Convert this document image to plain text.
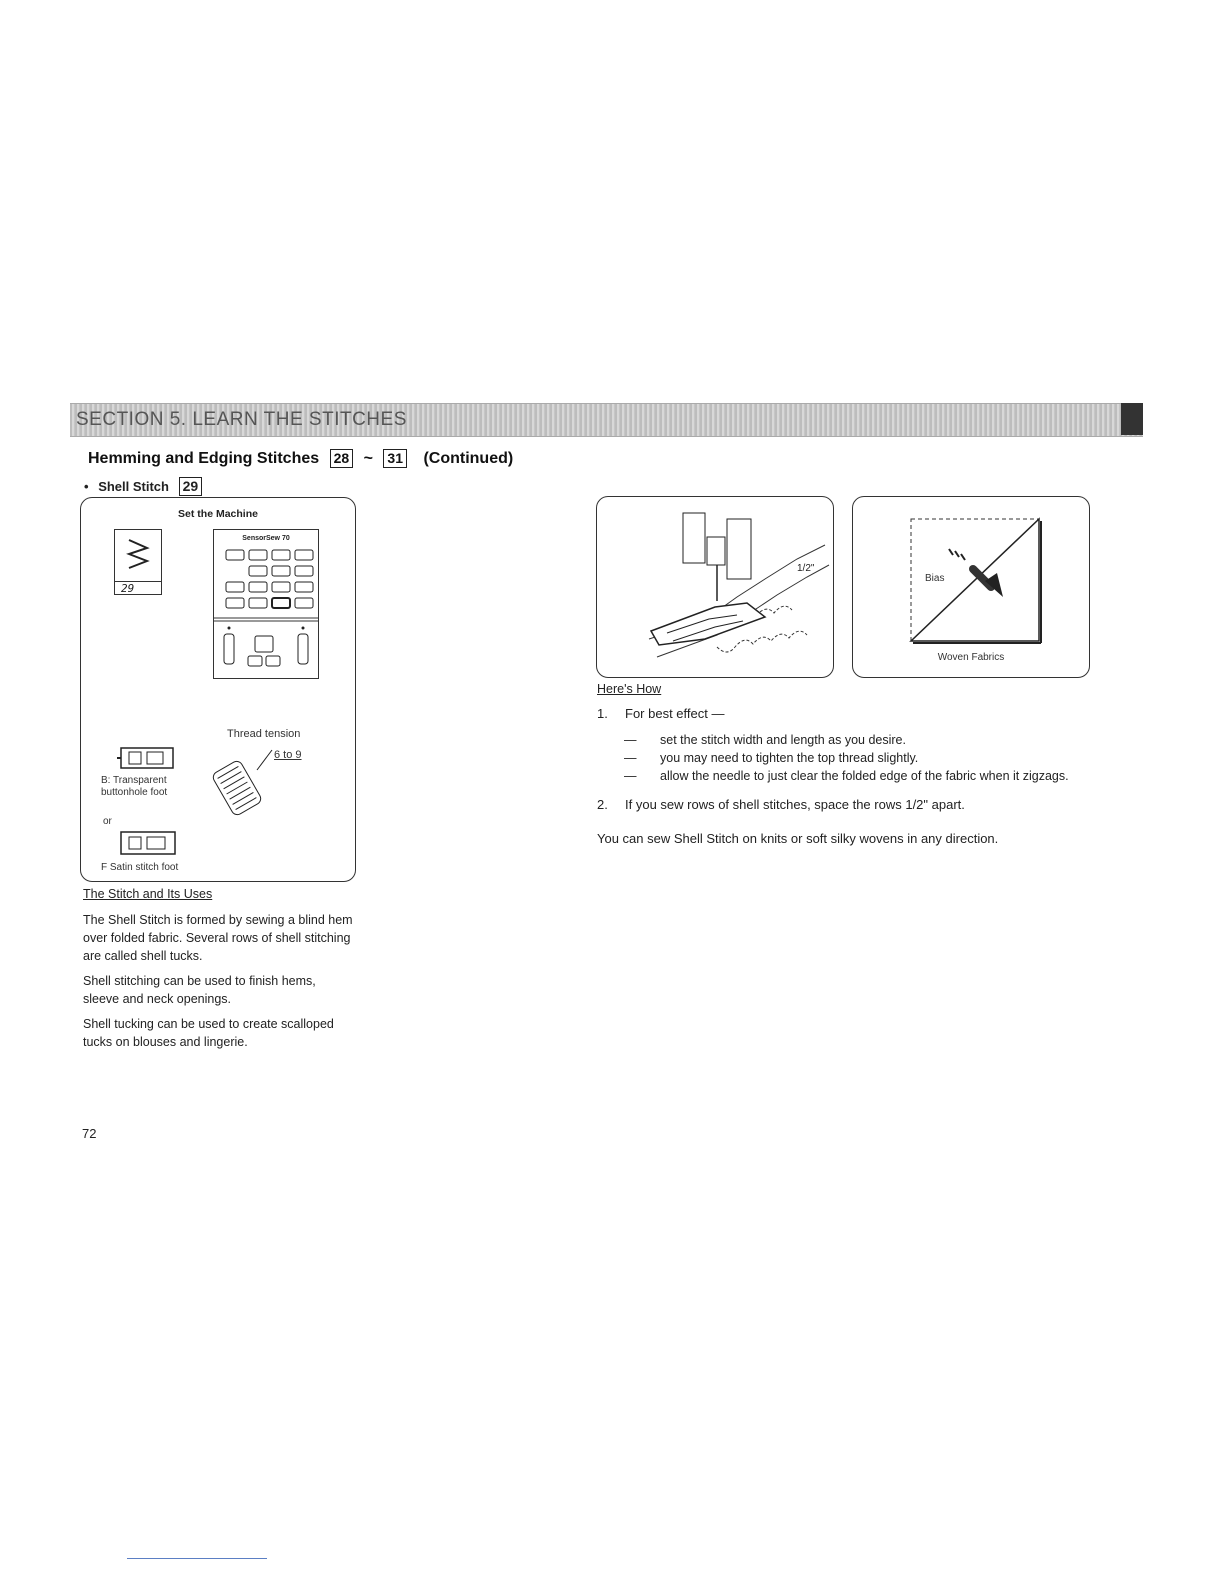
SECTION 5. LEARN THE STITCHES
Hemming and Edging Stitches 28 ~ 31 (Continued)
• Shell Stitch 29
Set the Machine
29
SensorSew 70
Thread tension
6 to 9
B: Transparent buttonhole foot
or
F Satin stitch foot
The Stitch and Its Uses

The Shell Stitch is formed by sewing a blind hem over folded fabric. Several rows of shell stitching are called shell tucks.

Shell stitching can be used to finish hems, sleeve and neck openings.

Shell tucking can be used to create scalloped tucks on blouses and lingerie.

1/2"
Bias
Woven Fabrics
Here's How
1.	For best effect —
—	set the stitch width and length as you desire.
—	you may need to tighten the top thread slightly.
—	allow the needle to just clear the folded edge of the fabric when it zigzags.
2.	If you sew rows of shell stitches, space the rows 1/2" apart.
You can sew Shell Stitch on knits or soft silky wovens in any direction.
72
